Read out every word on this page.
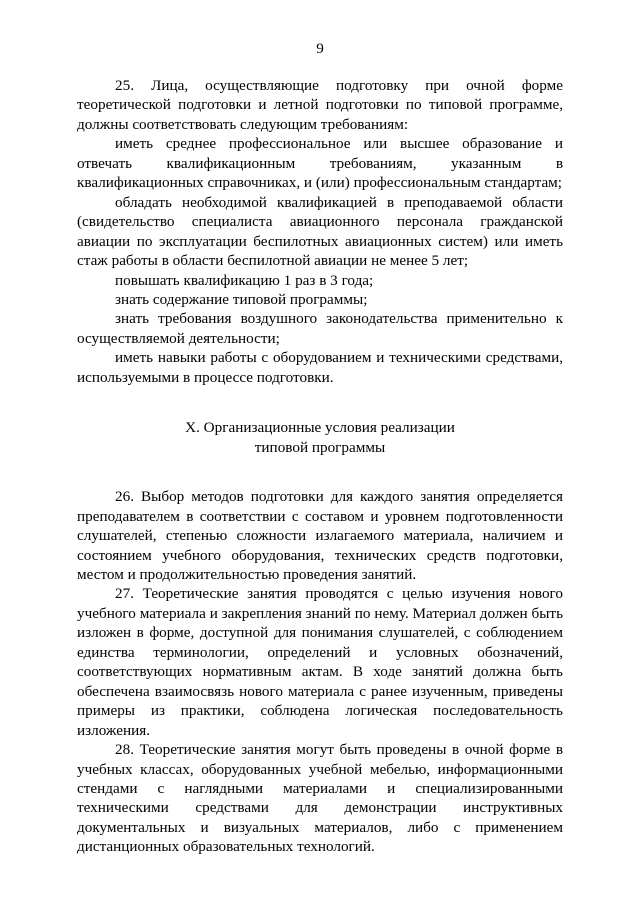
9

25. Лица, осуществляющие подготовку при очной форме теоретической подготовки и летной подготовки по типовой программе, должны соответствовать следующим требованиям:

иметь среднее профессиональное или высшее образование и отвечать квалификационным требованиям, указанным в квалификационных справочниках, и (или) профессиональным стандартам;

обладать необходимой квалификацией в преподаваемой области (свидетельство специалиста авиационного персонала гражданской авиации по эксплуатации беспилотных авиационных систем) или иметь стаж работы в области беспилотной авиации не менее 5 лет;

повышать квалификацию 1 раз в 3 года;

знать содержание типовой программы;

знать требования воздушного законодательства применительно к осуществляемой деятельности;

иметь навыки работы с оборудованием и техническими средствами, используемыми в процессе подготовки.

X. Организационные условия реализации
типовой программы

26. Выбор методов подготовки для каждого занятия определяется преподавателем в соответствии с составом и уровнем подготовленности слушателей, степенью сложности излагаемого материала, наличием и состоянием учебного оборудования, технических средств подготовки, местом и продолжительностью проведения занятий.

27. Теоретические занятия проводятся с целью изучения нового учебного материала и закрепления знаний по нему. Материал должен быть изложен в форме, доступной для понимания слушателей, с соблюдением единства терминологии, определений и условных обозначений, соответствующих нормативным актам. В ходе занятий должна быть обеспечена взаимосвязь нового материала с ранее изученным, приведены примеры из практики, соблюдена логическая последовательность изложения.

28. Теоретические занятия могут быть проведены в очной форме в учебных классах, оборудованных учебной мебелью, информационными стендами с наглядными материалами и специализированными техническими средствами для демонстрации инструктивных документальных и визуальных материалов, либо с применением дистанционных образовательных технологий.
